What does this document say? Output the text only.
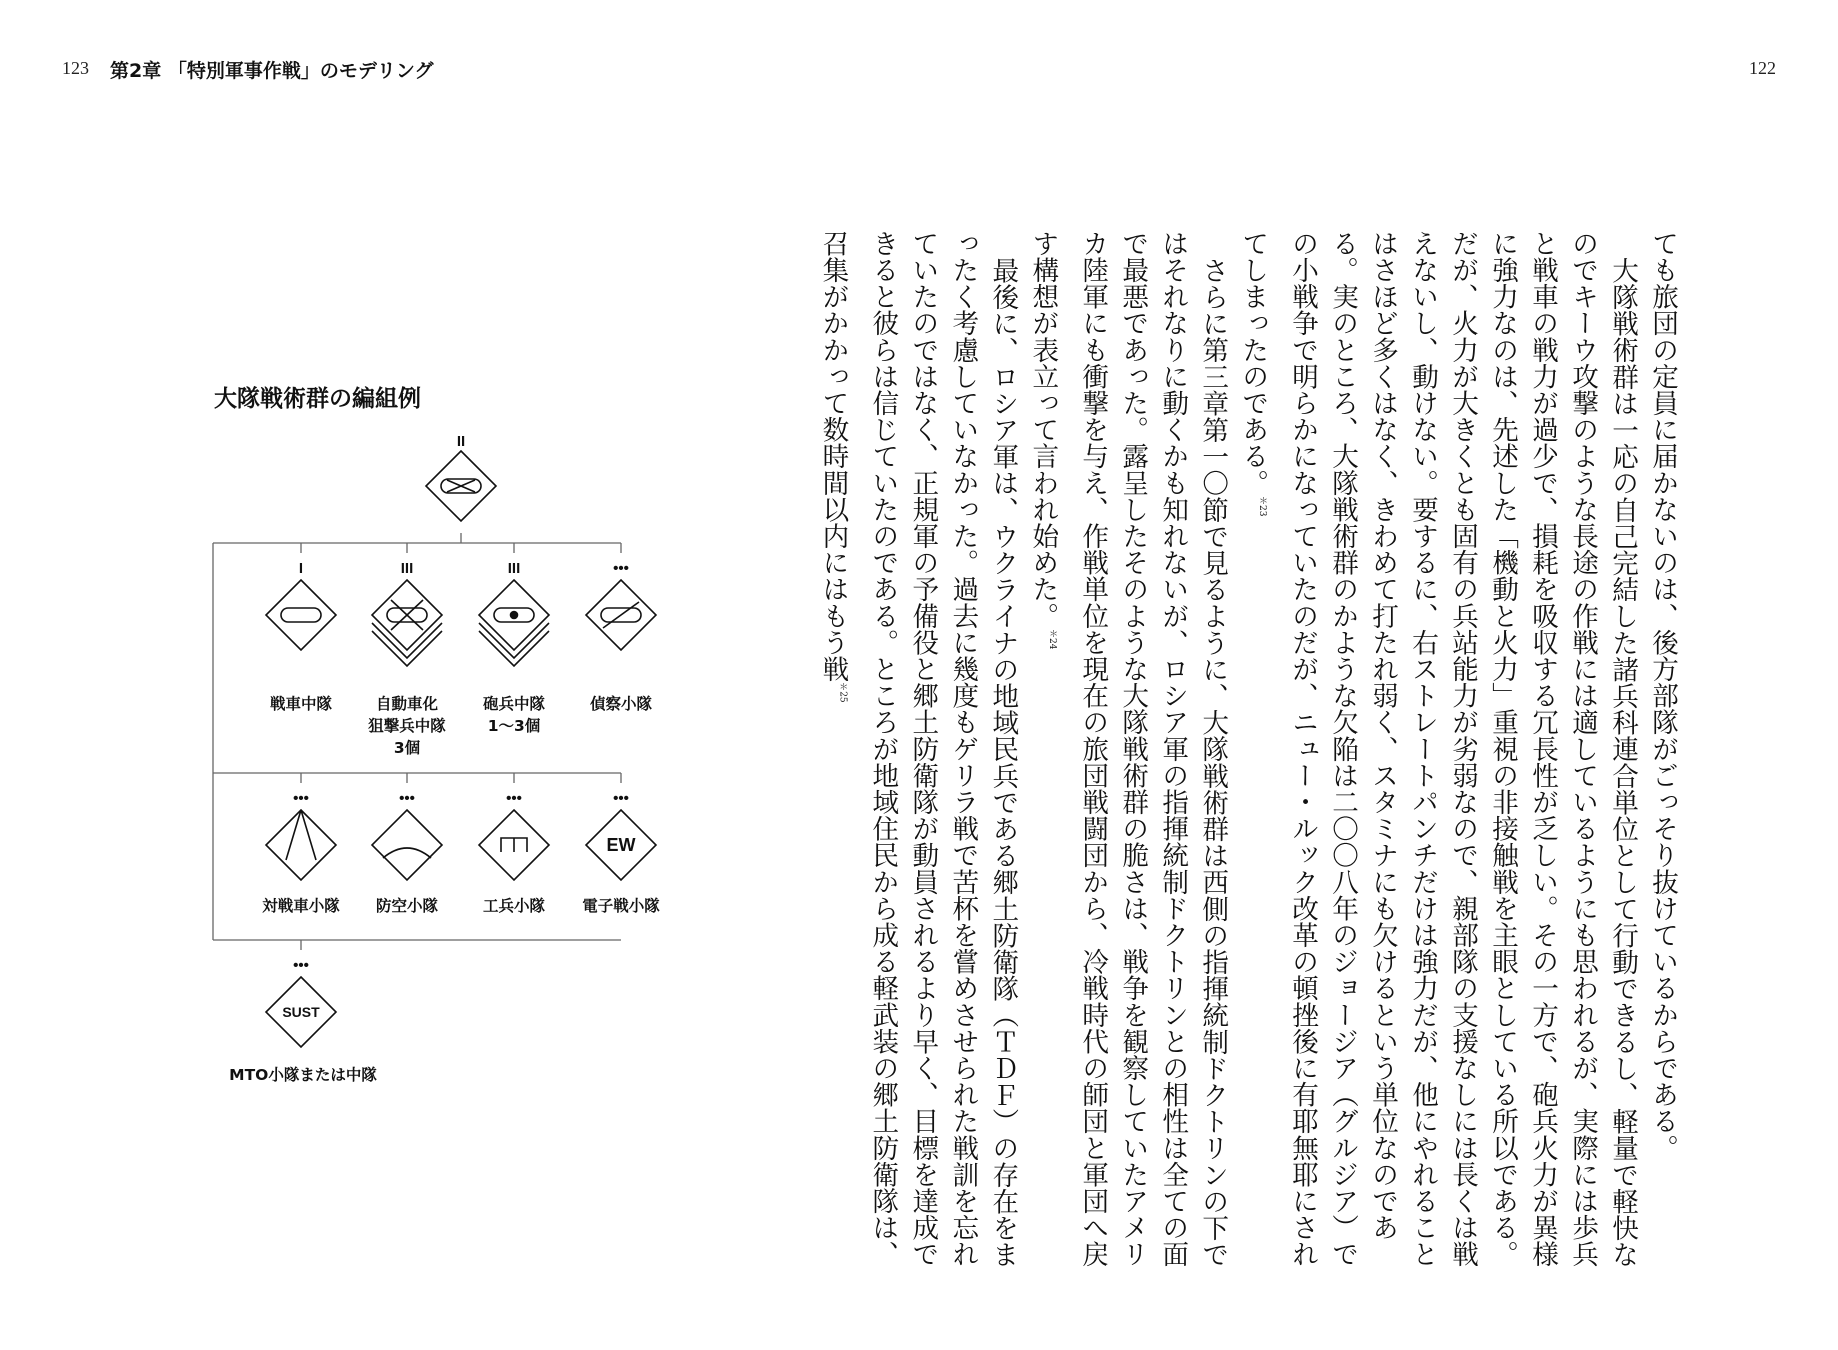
123 第2章 「特別軍事作戦」のモデリング	122
大隊戦術群の編組例
II
I	III	III	•••
•••	•••	•••	•••
EW
•••
SUST
戦車中隊	自動車化
狙撃兵中隊
3個
砲兵中隊
1〜3個
偵察小隊
対戦車小隊	防空小隊	工兵小隊	電子戦小隊
MTO小隊または中隊	ても旅団の定員に届かないのは、後方部隊がごっそり抜けているからである。

大隊戦術群は一応の自己完結した諸兵科連合単位として行動できるし、軽量で軽快なのでキーウ攻撃のような長途の作戦には適しているようにも思われるが、実際には歩兵と戦車の戦力が過少で、損耗を吸収する冗長性が乏しい。その一方で、砲兵火力が異様に強力なのは、先述した「機動と火力」重視の非接触戦を主眼としている所以である。だが、火力が大きくとも固有の兵站能力が劣弱なので、親部隊の支援なしには長くは戦えないし、動けない。要するに、右ストレートパンチだけは強力だが、他にやれることはさほど多くはなく、きわめて打たれ弱く、スタミナにも欠けるという単位なのである。実のところ、大隊戦術群のかような欠陥は二〇〇八年のジョージア（グルジア）での小戦争で明らかになっていたのだが、ニュー・ルック改革の頓挫後に有耶無耶にされてしまったのである。$^{*23}$

さらに第三章第一〇節で見るように、大隊戦術群は西側の指揮統制ドクトリンの下ではそれなりに動くかも知れないが、ロシア軍の指揮統制ドクトリンとの相性は全ての面で最悪であった。露呈したそのような大隊戦術群の脆さは、戦争を観察していたアメリカ陸軍にも衝撃を与え、作戦単位を現在の旅団戦闘団から、冷戦時代の師団と軍団へ戻す構想が表立って言われ始めた。$^{*24}$

最後に、ロシア軍は、ウクライナの地域民兵である郷土防衛隊（ＴＤＦ）の存在をまったく考慮していなかった。過去に幾度もゲリラ戦で苦杯を嘗めさせられた戦訓を忘れていたのではなく、正規軍の予備役と郷土防衛隊が動員されるより早く、目標を達成できると彼らは信じていたのである。ところが地域住民から成る軽武装の郷土防衛隊は、召集がかかって数時間以内にはもう戦$^{*25}$
